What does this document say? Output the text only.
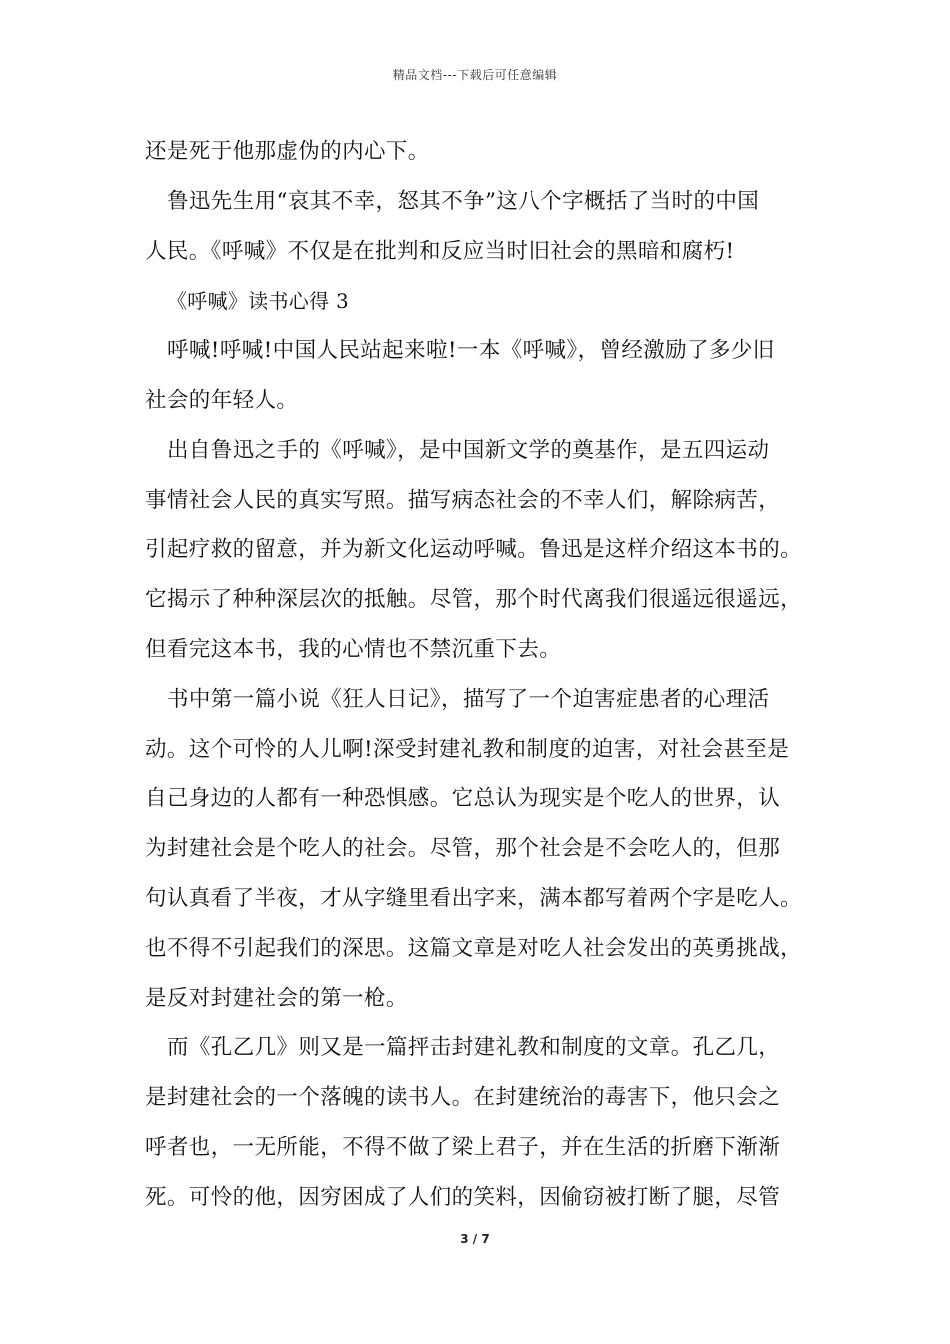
精品文档---下载后可任意编辑
还是死于他那虚伪的内心下。
鲁迅先生用“哀其不幸，怒其不争”这八个字概括了当时的中国
人民。《呼喊》不仅是在批判和反应当时旧社会的黑暗和腐朽!
《呼喊》读书心得 3
呼喊!呼喊!中国人民站起来啦!一本《呼喊》，曾经激励了多少旧
社会的年轻人。
出自鲁迅之手的《呼喊》，是中国新文学的奠基作，是五四运动
事情社会人民的真实写照。描写病态社会的不幸人们，解除病苦，
引起疗救的留意，并为新文化运动呼喊。鲁迅是这样介绍这本书的。
它揭示了种种深层次的抵触。尽管，那个时代离我们很遥远很遥远，
但看完这本书，我的心情也不禁沉重下去。
书中第一篇小说《狂人日记》，描写了一个迫害症患者的心理活
动。这个可怜的人儿啊!深受封建礼教和制度的迫害，对社会甚至是
自己身边的人都有一种恐惧感。它总认为现实是个吃人的世界，认
为封建社会是个吃人的社会。尽管，那个社会是不会吃人的，但那
句认真看了半夜，才从字缝里看出字来，满本都写着两个字是吃人。
也不得不引起我们的深思。这篇文章是对吃人社会发出的英勇挑战，
是反对封建社会的第一枪。
而《孔乙几》则又是一篇抨击封建礼教和制度的文章。孔乙几，
是封建社会的一个落魄的读书人。在封建统治的毒害下，他只会之
呼者也，一无所能，不得不做了梁上君子，并在生活的折磨下渐渐
死。可怜的他，因穷困成了人们的笑料，因偷窃被打断了腿，尽管
3 / 7
